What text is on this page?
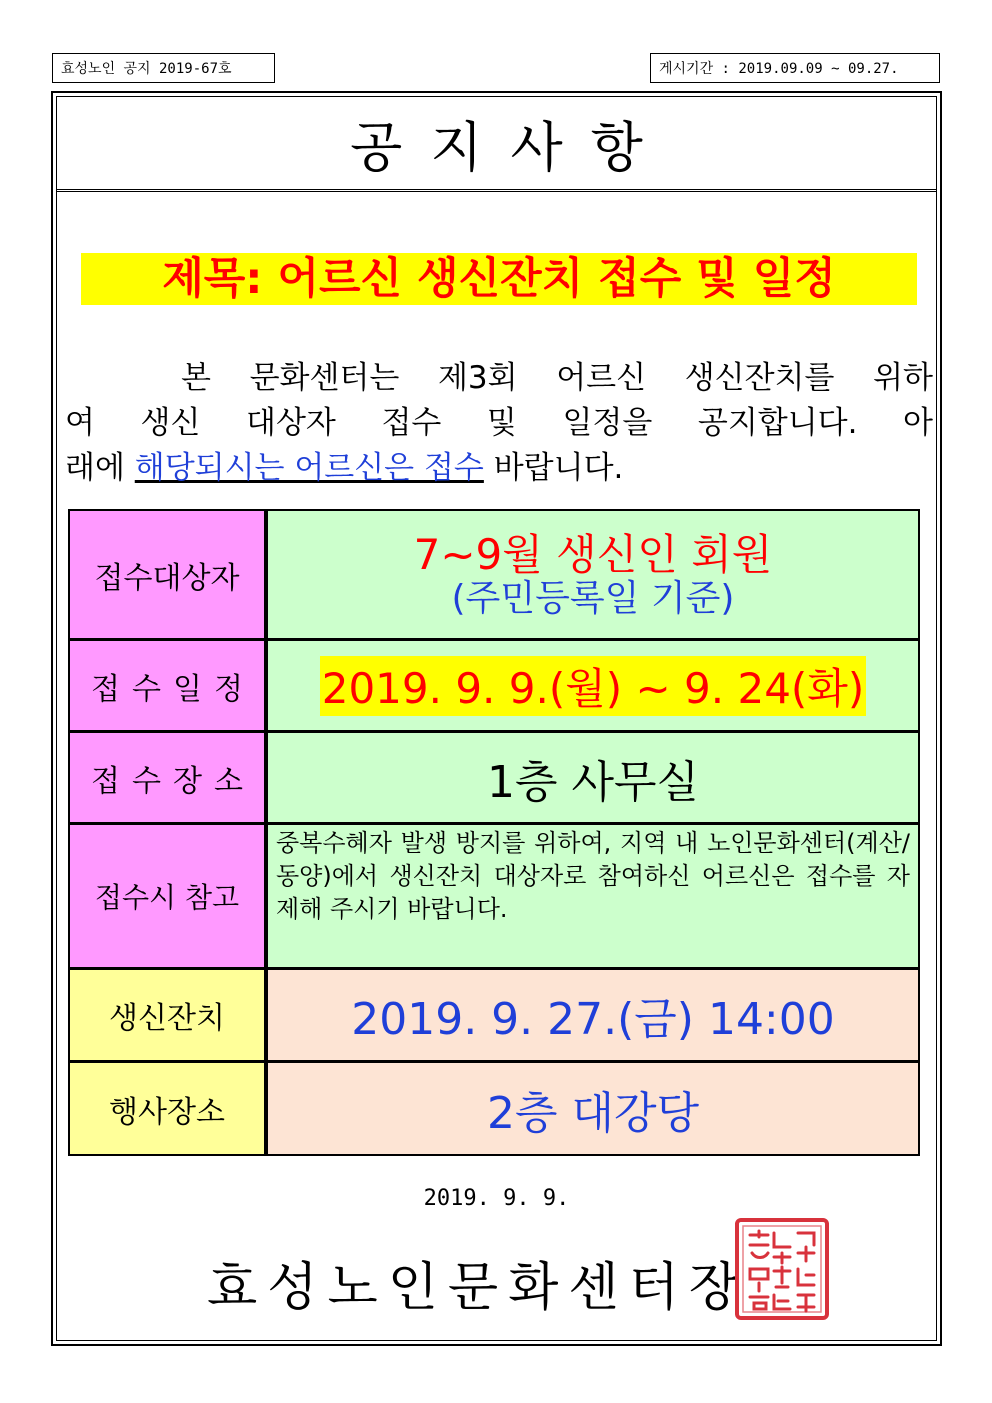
효성노인 공지 2019-67호	게시기간 : 2019.09.09 ~ 09.27.
공지사항
제목: 어르신 생신잔치 접수 및 일정
본 문화센터는 제3회 어르신 생신잔치를 위하
여 생신 대상자 접수 및 일정을 공지합니다. 아
래에 해당되시는 어르신은 접수 바랍니다.
접수대상자	7~9월 생신인 회원
(주민등록일 기준)
접수일정	2019. 9. 9.(월) ~ 9. 24(화)
접수장소	1층 사무실
접수시 참고
중복수혜자 발생 방지를 위하여, 지역 내 노인문화센터(계산/동양)에서 생신잔치 대상자로 참여하신 어르신은 접수를 자제해 주시기 바랍니다.
생신잔치	2019. 9. 27.(금) 14:00
행사장소	2층 대강당
2019. 9. 9.
효성노인문화센터장
